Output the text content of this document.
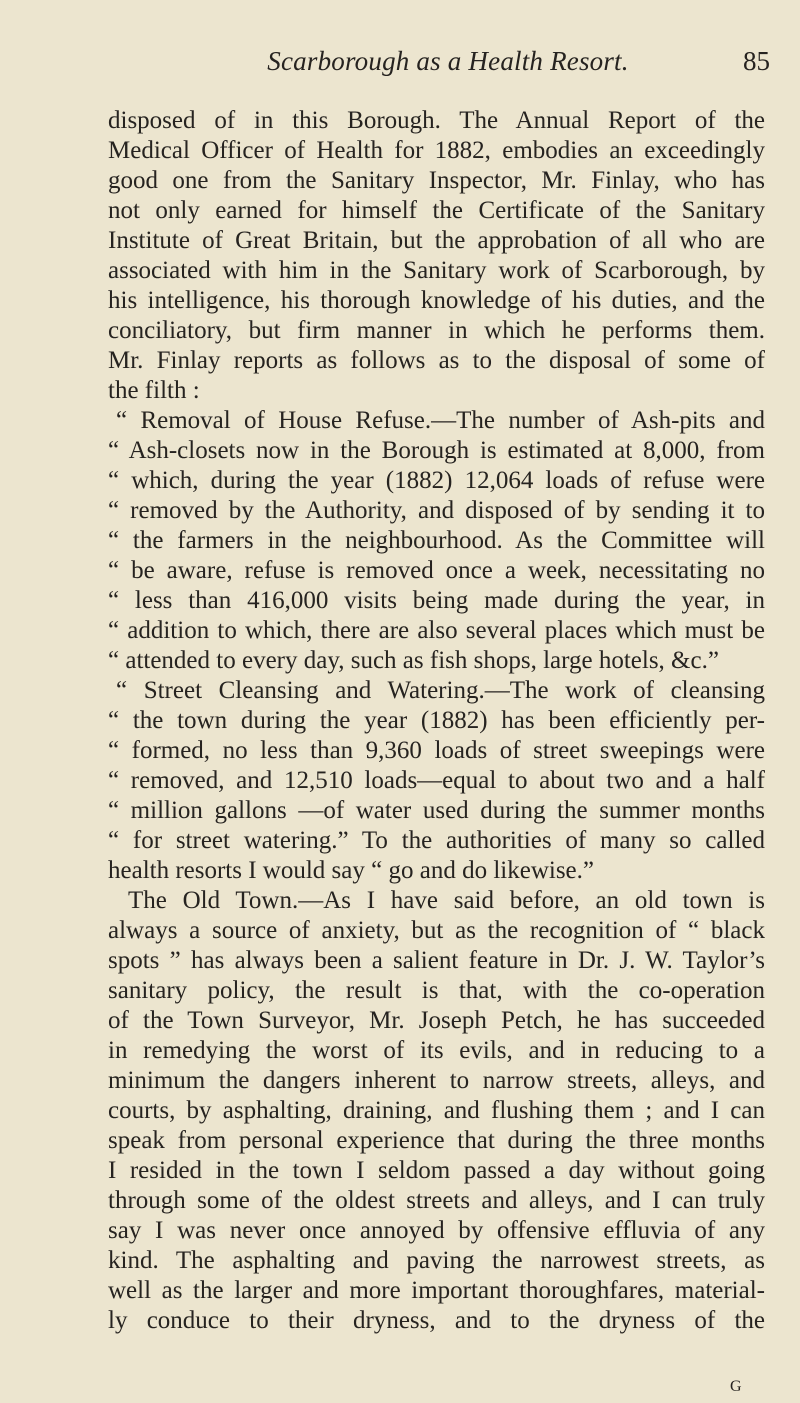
Scarborough as a Health Resort.	85
disposed of in this Borough. The Annual Report of the
Medical Officer of Health for 1882, embodies an exceedingly
good one from the Sanitary Inspector, Mr. Finlay, who has
not only earned for himself the Certificate of the Sanitary
Institute of Great Britain, but the approbation of all who are
associated with him in the Sanitary work of Scarborough, by
his intelligence, his thorough knowledge of his duties, and the
conciliatory, but firm manner in which he performs them.
Mr. Finlay reports as follows as to the disposal of some of
the filth :
“ Removal of House Refuse.—The number of Ash-pits and
“ Ash-closets now in the Borough is estimated at 8,000, from
“ which, during the year (1882) 12,064 loads of refuse were
“ removed by the Authority, and disposed of by sending it to
“ the farmers in the neighbourhood. As the Committee will
“ be aware, refuse is removed once a week, necessitating no
“ less than 416,000 visits being made during the year, in
“ addition to which, there are also several places which must be
“ attended to every day, such as fish shops, large hotels, &c.”
“ Street Cleansing and Watering.—The work of cleansing
“ the town during the year (1882) has been efficiently per-
“ formed, no less than 9,360 loads of street sweepings were
“ removed, and 12,510 loads—equal to about two and a half
“ million gallons —of water used during the summer months
“ for street watering.” To the authorities of many so called
health resorts I would say “ go and do likewise.”
The Old Town.—As I have said before, an old town is
always a source of anxiety, but as the recognition of “ black
spots ” has always been a salient feature in Dr. J. W. Taylor’s
sanitary policy, the result is that, with the co-operation
of the Town Surveyor, Mr. Joseph Petch, he has succeeded
in remedying the worst of its evils, and in reducing to a
minimum the dangers inherent to narrow streets, alleys, and
courts, by asphalting, draining, and flushing them ; and I can
speak from personal experience that during the three months
I resided in the town I seldom passed a day without going
through some of the oldest streets and alleys, and I can truly
say I was never once annoyed by offensive effluvia of any
kind. The asphalting and paving the narrowest streets, as
well as the larger and more important thoroughfares, material-
ly conduce to their dryness, and to the dryness of the
G
